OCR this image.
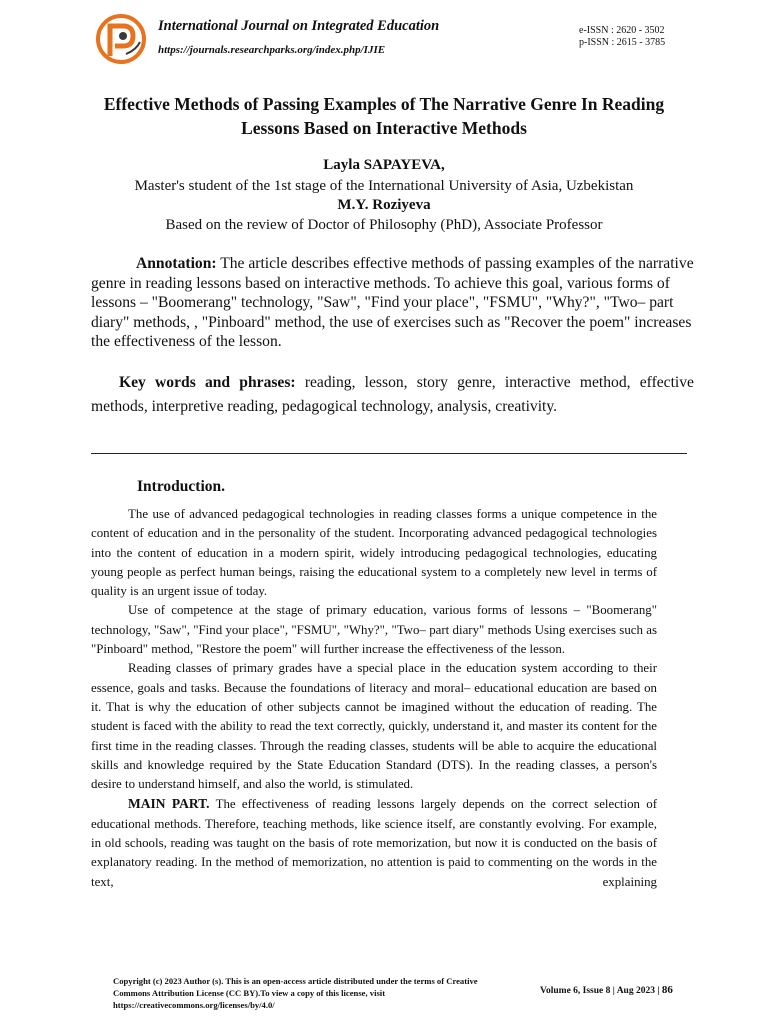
International Journal on Integrated Education
https://journals.researchparks.org/index.php/IJIE
e-ISSN : 2620 - 3502
p-ISSN : 2615 - 3785
Effective Methods of Passing Examples of The Narrative Genre In Reading Lessons Based on Interactive Methods
Layla SAPAYEVA,
Master's student of the 1st stage of the International University of Asia, Uzbekistan
M.Y. Roziyeva
Based on the review of Doctor of Philosophy (PhD), Associate Professor

Annotation: The article describes effective methods of passing examples of the narrative genre in reading lessons based on interactive methods. To achieve this goal, various forms of lessons – "Boomerang" technology, "Saw", "Find your place", "FSMU", "Why?", "Two– part diary" methods, , "Pinboard" method, the use of exercises such as "Recover the poem" increases the effectiveness of the lesson.

Key words and phrases: reading, lesson, story genre, interactive method, effective methods, interpretive reading, pedagogical technology, analysis, creativity.

Introduction.

The use of advanced pedagogical technologies in reading classes forms a unique competence in the content of education and in the personality of the student. Incorporating advanced pedagogical technologies into the content of education in a modern spirit, widely introducing pedagogical technologies, educating young people as perfect human beings, raising the educational system to a completely new level in terms of quality is an urgent issue of today.

Use of competence at the stage of primary education, various forms of lessons – "Boomerang" technology, "Saw", "Find your place", "FSMU", "Why?", "Two– part diary" methods Using exercises such as "Pinboard" method, "Restore the poem" will further increase the effectiveness of the lesson.

Reading classes of primary grades have a special place in the education system according to their essence, goals and tasks. Because the foundations of literacy and moral– educational education are based on it. That is why the education of other subjects cannot be imagined without the education of reading. The student is faced with the ability to read the text correctly, quickly, understand it, and master its content for the first time in the reading classes. Through the reading classes, students will be able to acquire the educational skills and knowledge required by the State Education Standard (DTS). In the reading classes, a person's desire to understand himself, and also the world, is stimulated.

MAIN PART. The effectiveness of reading lessons largely depends on the correct selection of educational methods. Therefore, teaching methods, like science itself, are constantly evolving. For example, in old schools, reading was taught on the basis of rote memorization, but now it is conducted on the basis of explanatory reading. In the method of memorization, no attention is paid to commenting on the words in the text, explaining

Copyright (c) 2023 Author (s). This is an open-access article distributed under the terms of Creative Commons Attribution License (CC BY).To view a copy of this license, visit https://creativecommons.org/licenses/by/4.0/
Volume 6, Issue 8 | Aug 2023 | 86
